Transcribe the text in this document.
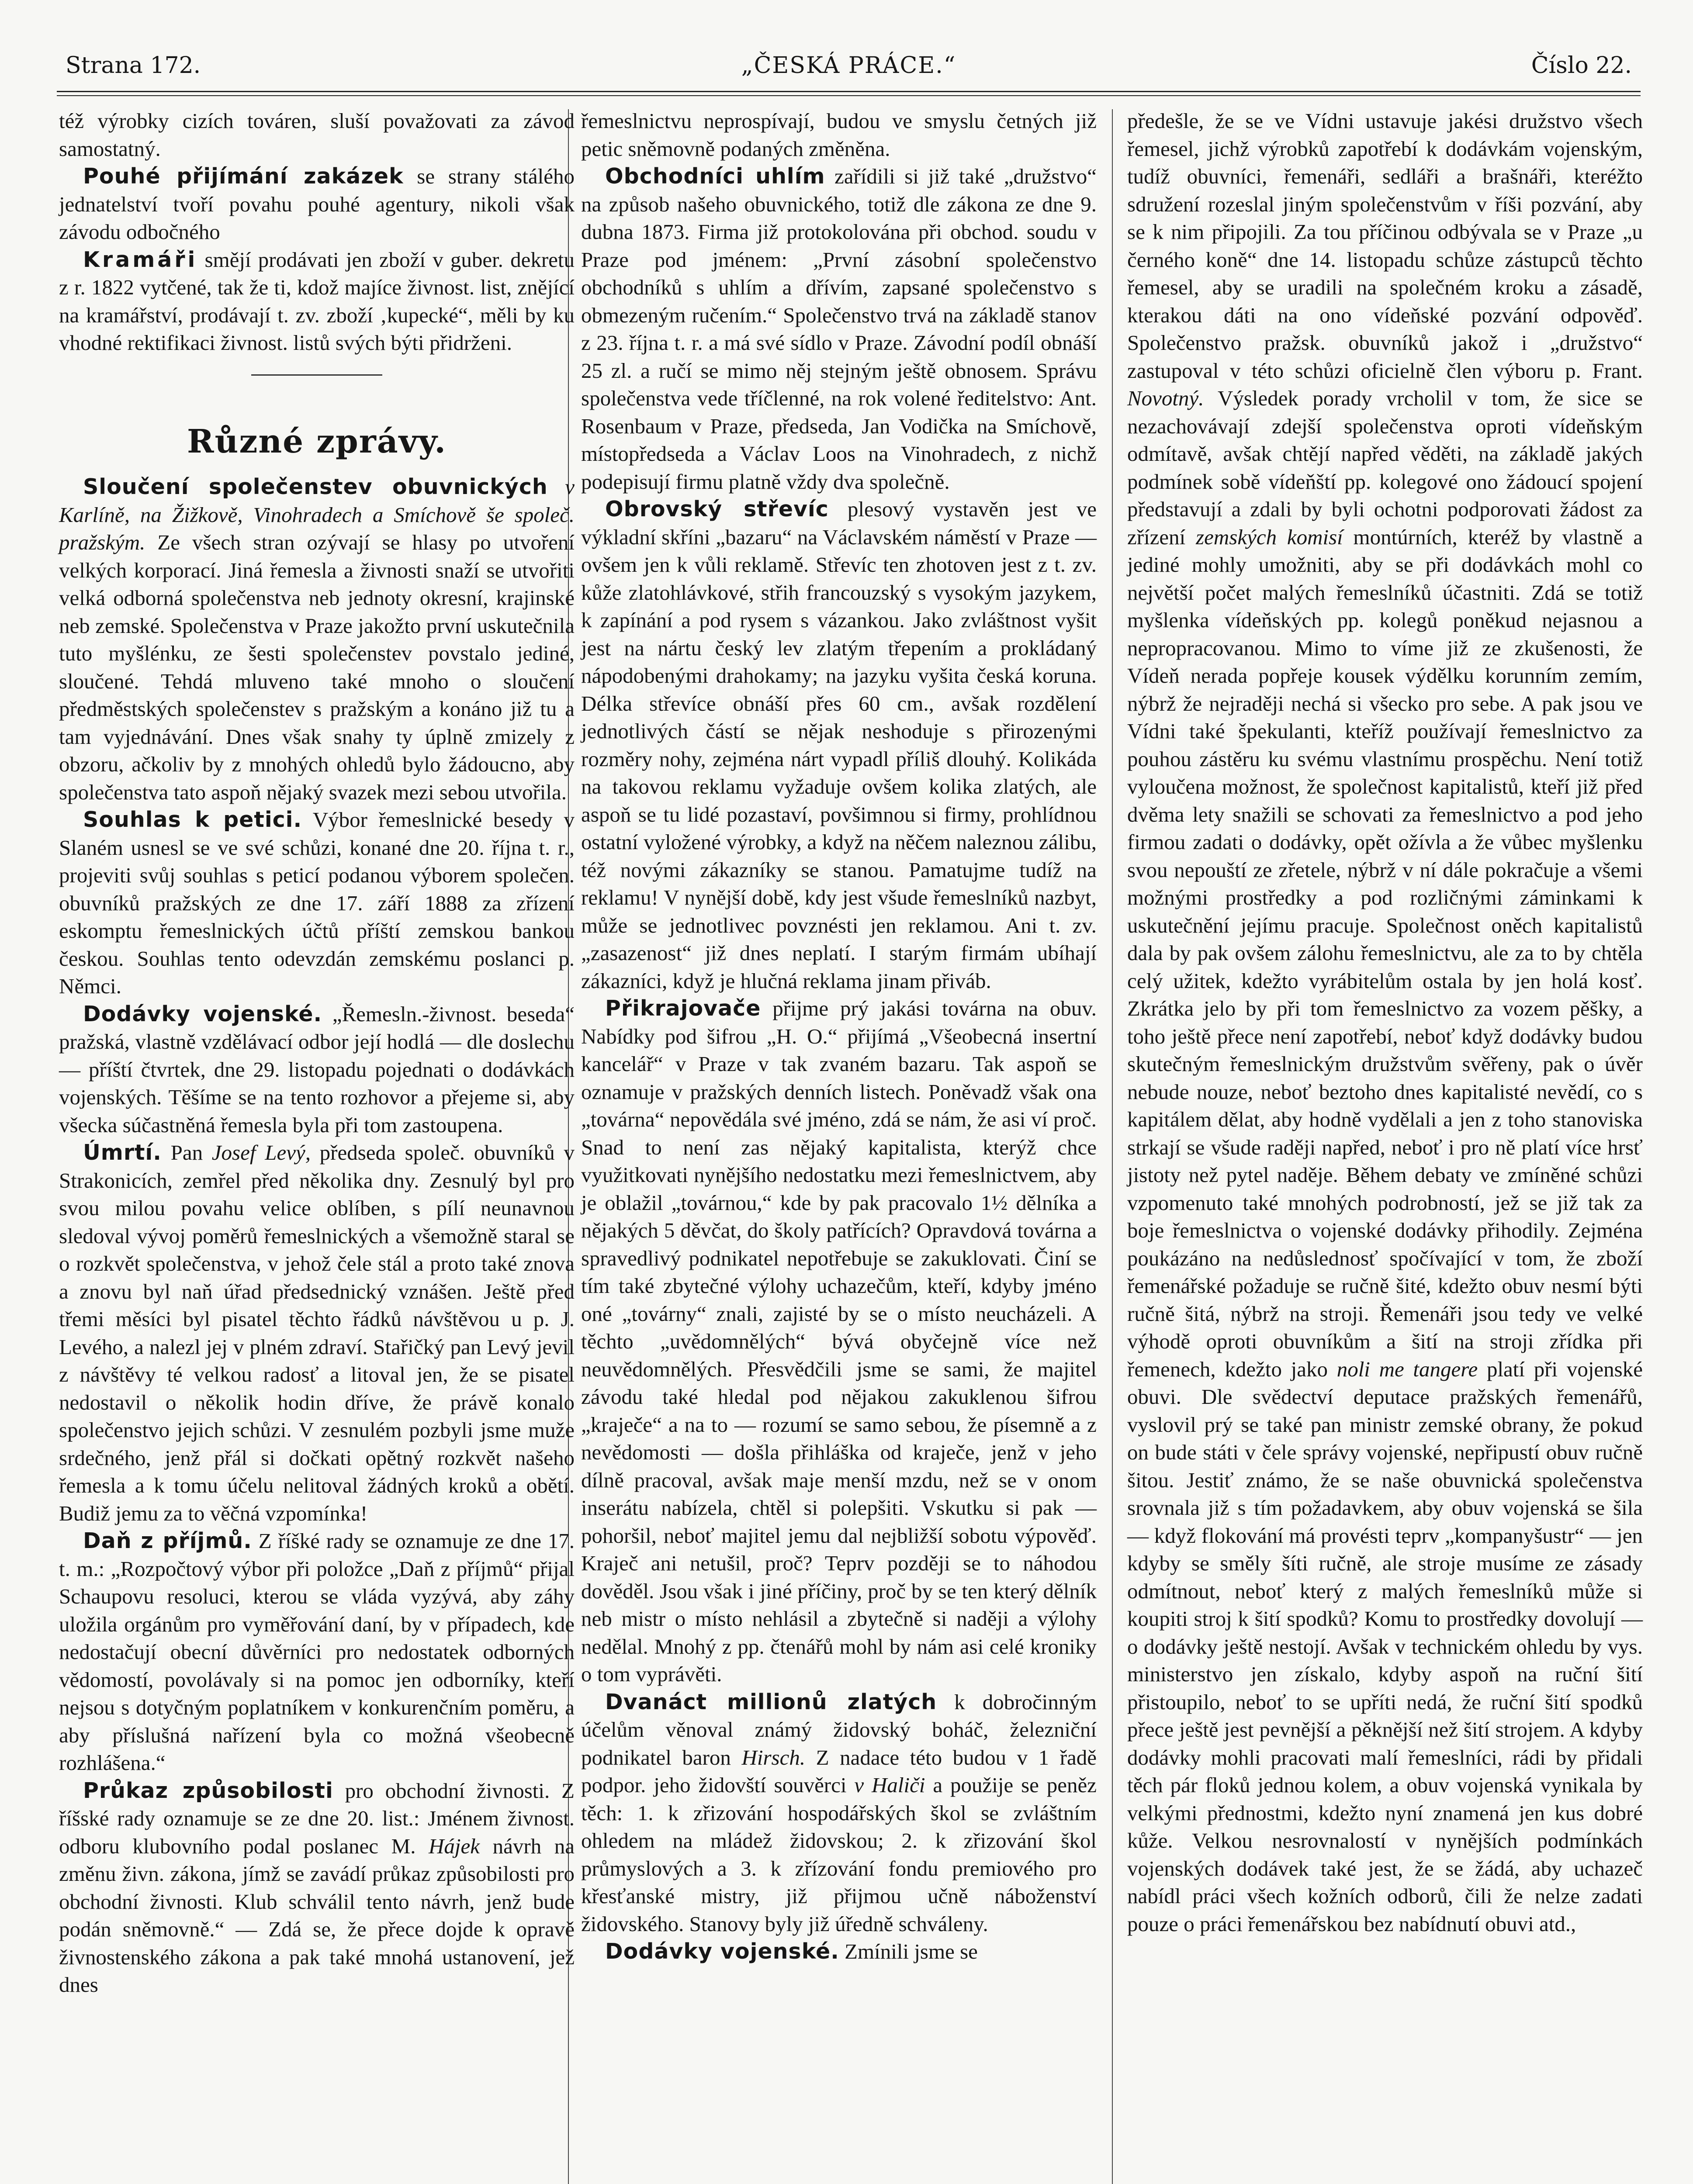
Strana 172.	„ČESKÁ PRÁCE.“	Číslo 22.

též výrobky cizích továren, sluší považovati za závod samostatný.

Pouhé přijímání zakázek se strany stálého jednatelství tvoří povahu pouhé agentury, nikoli však závodu odbočného

Kramáři smějí prodávati jen zboží v guber. dekretu z r. 1822 vytčené, tak že ti, kdož majíce živnost. list, znějící na kramářství, prodávají t. zv. zboží ‚kupecké“, měli by ku vhodné rektifikaci živnost. listů svých býti přidrženi.

Různé zprávy.

Sloučení společenstev obuvnických v Karlíně, na Žižkově, Vinohradech a Smíchově še společ. pražským. Ze všech stran ozývají se hlasy po utvoření velkých korporací. Jiná řemesla a živnosti snaží se utvořiti velká odborná společenstva neb jednoty okresní, krajinské neb zemské. Společenstva v Praze jakožto první uskutečnila tuto myšlénku, ze šesti společenstev povstalo jediné, sloučené. Tehdá mluveno také mnoho o sloučení předměstských společenstev s pražským a konáno již tu a tam vyjednávání. Dnes však snahy ty úplně zmizely z obzoru, ačkoliv by z mnohých ohledů bylo žádoucno, aby společenstva tato aspoň nějaký svazek mezi sebou utvořila.

Souhlas k petici. Výbor řemeslnické besedy v Slaném usnesl se ve své schůzi, konané dne 20. října t. r., projeviti svůj souhlas s peticí podanou výborem společen. obuvníků pražských ze dne 17. září 1888 za zřízení eskomptu řemeslnických účtů příští zemskou bankou českou. Souhlas tento odevzdán zemskému poslanci p. Němci.

Dodávky vojenské. „Řemesln.-živnost. beseda“ pražská, vlastně vzdělávací odbor její hodlá — dle doslechu — příští čtvrtek, dne 29. listopadu pojednati o dodávkách vojenských. Těšíme se na tento rozhovor a přejeme si, aby všecka súčastněná řemesla byla při tom zastoupena.

Úmrtí. Pan Josef Levý, předseda společ. obuvníků v Strakonicích, zemřel před několika dny. Zesnulý byl pro svou milou povahu velice oblíben, s pílí neunavnou sledoval vývoj poměrů řemeslnických a všemožně staral se o rozkvět společenstva, v jehož čele stál a proto také znova a znovu byl naň úřad předsednický vznášen. Ještě před třemi měsíci byl pisatel těchto řádků návštěvou u p. J. Levého, a nalezl jej v plném zdraví. Stařičký pan Levý jevil z návštěvy té velkou radosť a litoval jen, že se pisatel nedostavil o několik hodin dříve, že právě konalo společenstvo jejich schůzi. V zesnulém pozbyli jsme muže srdečného, jenž přál si dočkati opětný rozkvět našeho řemesla a k tomu účelu nelitoval žádných kroků a obětí. Budiž jemu za to věčná vzpomínka!

Daň z příjmů. Z říšké rady se oznamuje ze dne 17. t. m.: „Rozpočtový výbor při položce „Daň z příjmů“ přijal Schaupovu resoluci, kterou se vláda vyzývá, aby záhy uložila orgánům pro vyměřování daní, by v případech, kde nedostačují obecní důvěrníci pro nedostatek odborných vědomostí, povolávaly si na pomoc jen odborníky, kteří nejsou s dotyčným poplatníkem v konkurenčním poměru, a aby příslušná nařízení byla co možná všeobecně rozhlášena.“

Průkaz způsobilosti pro obchodní živnosti. Z říšské rady oznamuje se ze dne 20. list.: Jménem živnost. odboru klubovního podal poslanec M. Hájek návrh na změnu živn. zákona, jímž se zavádí průkaz způsobilosti pro obchodní živnosti. Klub schválil tento návrh, jenž bude podán sněmovně.“ — Zdá se, že přece dojde k opravě živnostenského zákona a pak také mnohá ustanovení, jež dnes

řemeslnictvu neprospívají, budou ve smyslu četných již petic sněmovně podaných změněna.

Obchodníci uhlím zařídili si již také „družstvo“ na způsob našeho obuvnického, totiž dle zákona ze dne 9. dubna 1873. Firma již protokolována při obchod. soudu v Praze pod jménem: „První zásobní společenstvo obchodníků s uhlím a dřívím, zapsané společenstvo s obmezeným ručením.“ Společenstvo trvá na základě stanov z 23. října t. r. a má své sídlo v Praze. Závodní podíl obnáší 25 zl. a ručí se mimo něj stejným ještě obnosem. Správu společenstva vede tříčlenné, na rok volené ředitelstvo: Ant. Rosenbaum v Praze, předseda, Jan Vodička na Smíchově, místopředseda a Václav Loos na Vinohradech, z nichž podepisují firmu platně vždy dva společně.

Obrovský střevíc plesový vystavěn jest ve výkladní skříni „bazaru“ na Václavském náměstí v Praze — ovšem jen k vůli reklamě. Střevíc ten zhotoven jest z t. zv. kůže zlatohlávkové, střih francouzský s vysokým jazykem, k zapínání a pod rysem s vázankou. Jako zvláštnost vyšit jest na nártu český lev zlatým třepením a prokládaný nápodobenými drahokamy; na jazyku vyšita česká koruna. Délka střevíce obnáší přes 60 cm., avšak rozdělení jednotlivých částí se nějak neshoduje s přirozenými rozměry nohy, zejména nárt vypadl příliš dlouhý. Kolikáda na takovou reklamu vyžaduje ovšem kolika zlatých, ale aspoň se tu lidé pozastaví, povšimnou si firmy, prohlídnou ostatní vyložené výrobky, a když na něčem naleznou zálibu, též novými zákazníky se stanou. Pamatujme tudíž na reklamu! V nynější době, kdy jest všude řemeslníků nazbyt, může se jednotlivec povznésti jen reklamou. Ani t. zv. „zasazenost“ již dnes neplatí. I starým firmám ubíhají zákazníci, když je hlučná reklama jinam přiváb.

Přikrajovače přijme prý jakási továrna na obuv. Nabídky pod šifrou „H. O.“ přijímá „Všeobecná insertní kancelář“ v Praze v tak zvaném bazaru. Tak aspoň se oznamuje v pražských denních listech. Poněvadž však ona „továrna“ nepovědála své jméno, zdá se nám, že asi ví proč. Snad to není zas nějaký kapitalista, kterýž chce využitkovati nynějšího nedostatku mezi řemeslnictvem, aby je oblažil „továrnou,“ kde by pak pracovalo 1½ dělníka a nějakých 5 děvčat, do školy patřících? Opravdová továrna a spravedlivý podnikatel nepotřebuje se zakuklovati. Činí se tím také zbytečné výlohy uchazečům, kteří, kdyby jméno oné „továrny“ znali, zajisté by se o místo neucházeli. A těchto „uvědomnělých“ bývá obyčejně více než neuvědomnělých. Přesvědčili jsme se sami, že majitel závodu také hledal pod nějakou zakuklenou šifrou „kraječe“ a na to — rozumí se samo sebou, že písemně a z nevědomosti — došla přihláška od kraječe, jenž v jeho dílně pracoval, avšak maje menší mzdu, než se v onom inserátu nabízela, chtěl si polepšiti. Vskutku si pak — pohoršil, neboť majitel jemu dal nejbližší sobotu výpověď. Kraječ ani netušil, proč? Teprv později se to náhodou dověděl. Jsou však i jiné příčiny, proč by se ten který dělník neb mistr o místo nehlásil a zbytečně si naději a výlohy nedělal. Mnohý z pp. čtenářů mohl by nám asi celé kroniky o tom vyprávěti.

Dvanáct millionů zlatých k dobročinným účelům věnoval známý židovský boháč, železniční podnikatel baron Hirsch. Z nadace této budou v 1 řadě podpor. jeho židovští souvěrci v Haliči a použije se peněz těch: 1. k zřizování hospodářských škol se zvláštním ohledem na mládež židovskou; 2. k zřizování škol průmyslových a 3. k zřízování fondu premiového pro křesťanské mistry, již přijmou učně náboženství židovského. Stanovy byly již úředně schváleny.

Dodávky vojenské. Zmínili jsme se

předešle, že se ve Vídni ustavuje jakési družstvo všech řemesel, jichž výrobků zapotřebí k dodávkám vojenským, tudíž obuvníci, řemenáři, sedláři a brašnáři, kteréžto sdružení rozeslal jiným společenstvům v říši pozvání, aby se k nim připojili. Za tou příčinou odbývala se v Praze „u černého koně“ dne 14. listopadu schůze zástupců těchto řemesel, aby se uradili na společném kroku a zásadě, kterakou dáti na ono vídeňské pozvání odpověď. Společenstvo pražsk. obuvníků jakož i „družstvo“ zastupoval v této schůzi oficielně člen výboru p. Frant. Novotný. Výsledek porady vrcholil v tom, že sice se nezachovávají zdejší společenstva oproti vídeňským odmítavě, avšak chtějí napřed věděti, na základě jakých podmínek sobě vídeňští pp. kolegové ono žádoucí spojení představují a zdali by byli ochotni podporovati žádost za zřízení zemských komisí montúrních, kteréž by vlastně a jediné mohly umožniti, aby se při dodávkách mohl co největší počet malých řemeslníků účastniti. Zdá se totiž myšlenka vídeňských pp. kolegů poněkud nejasnou a nepropracovanou. Mimo to víme již ze zkušenosti, že Vídeň nerada popřeje kousek výdělku korunním zemím, nýbrž že nejraději nechá si všecko pro sebe. A pak jsou ve Vídni také špekulanti, kteříž používají řemeslnictvo za pouhou zástěru ku svému vlastnímu prospěchu. Není totiž vyloučena možnost, že společnost kapitalistů, kteří již před dvěma lety snažili se schovati za řemeslnictvo a pod jeho firmou zadati o dodávky, opět ožívla a že vůbec myšlenku svou nepouští ze zřetele, nýbrž v ní dále pokračuje a všemi možnými prostředky a pod rozličnými záminkami k uskutečnění jejímu pracuje. Společnost oněch kapitalistů dala by pak ovšem zálohu řemeslnictvu, ale za to by chtěla celý užitek, kdežto vyrábitelům ostala by jen holá kosť. Zkrátka jelo by při tom řemeslnictvo za vozem pěšky, a toho ještě přece není zapotřebí, neboť když dodávky budou skutečným řemeslnickým družstvům svěřeny, pak o úvěr nebude nouze, neboť beztoho dnes kapitalisté nevědí, co s kapitálem dělat, aby hodně vydělali a jen z toho stanoviska strkají se všude raději napřed, neboť i pro ně platí více hrsť jistoty než pytel naděje. Během debaty ve zmíněné schůzi vzpomenuto také mnohých podrobností, jež se již tak za boje řemeslnictva o vojenské dodávky přihodily. Zejména poukázáno na nedůslednosť spočívající v tom, že zboží řemenářské požaduje se ručně šité, kdežto obuv nesmí býti ručně šitá, nýbrž na stroji. Řemenáři jsou tedy ve velké výhodě oproti obuvníkům a šití na stroji zřídka při řemenech, kdežto jako noli me tangere platí při vojenské obuvi. Dle svědectví deputace pražských řemenářů, vyslovil prý se také pan ministr zemské obrany, že pokud on bude státi v čele správy vojenské, nepřipustí obuv ručně šitou. Jestiť známo, že se naše obuvnická společenstva srovnala již s tím požadavkem, aby obuv vojenská se šila — když flokování má provésti teprv „kompanyšustr“ — jen kdyby se směly šíti ručně, ale stroje musíme ze zásady odmítnout, neboť který z malých řemeslníků může si koupiti stroj k šití spodků? Komu to prostředky dovolují — o dodávky ještě nestojí. Avšak v technickém ohledu by vys. ministerstvo jen získalo, kdyby aspoň na ruční šití přistoupilo, neboť to se upříti nedá, že ruční šití spodků přece ještě jest pevnější a pěknější než šití strojem. A kdyby dodávky mohli pracovati malí řemeslníci, rádi by přidali těch pár floků jednou kolem, a obuv vojenská vynikala by velkými přednostmi, kdežto nyní znamená jen kus dobré kůže. Velkou nesrovnalostí v nynějších podmínkách vojenských dodávek také jest, že se žádá, aby uchazeč nabídl práci všech kožních odborů, čili že nelze zadati pouze o práci řemenářskou bez nabídnutí obuvi atd.,
